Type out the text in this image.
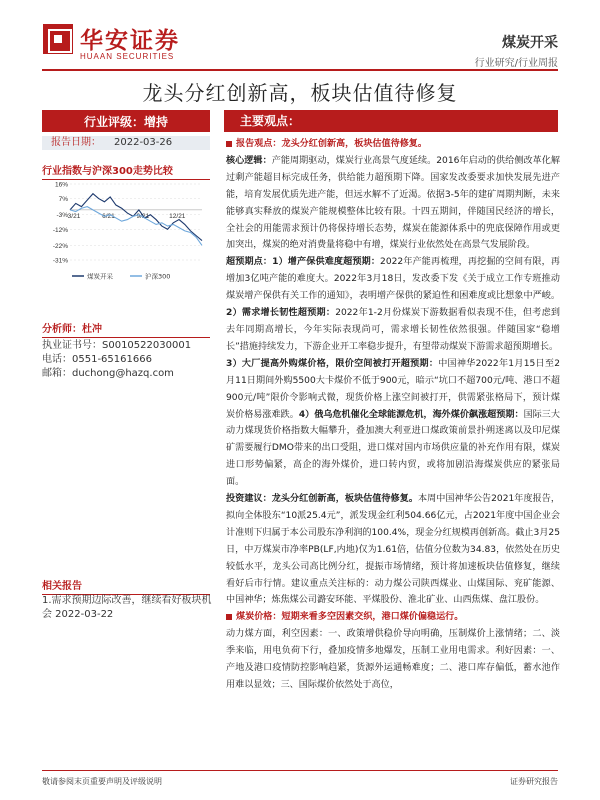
华安证券
HUAAN SECURITIES
煤炭开采
行业研究/行业周报
龙头分红创新高，板块估值待修复
行业评级：增持
报告日期：	2022-03-26
行业指数与沪深300走势比较
16%
7%
-3%
-12%
-22%
-31%
3/21	6/21	9/21	12/21
煤炭开采	沪深300
分析师：杜冲
执业证书号：S0010522030001
电话：0551-65161666
邮箱：duchong@hazq.com
相关报告
1.需求预期边际改善，继续看好板块机会 2022-03-22
主要观点：

报告观点：龙头分红创新高，板块估值待修复。

核心逻辑：产能周期驱动，煤炭行业高景气度延续。2016年启动的供给侧改革化解过剩产能超目标完成任务，供给能力超预期下降。国家发改委要求加快发展先进产能，培育发展优质先进产能，但远水解不了近渴。依据3-5年的建矿周期判断，未来能够真实释放的煤炭产能规模整体比较有限。十四五期间，伴随国民经济的增长，全社会的用能需求预计仍将保持增长态势，煤炭在能源体系中的兜底保障作用或更加突出，煤炭的绝对消费量将稳中有增，煤炭行业依然处在高景气发展阶段。

超预期点：1）增产保供难度超预期：2022年产能再梳理，再挖掘的空间有限，再增加3亿吨产能的难度大。2022年3月18日，发改委下发《关于成立工作专班推动煤炭增产保供有关工作的通知》，表明增产保供的紧迫性和困难度或比想象中严峻。2）需求增长韧性超预期：2022年1-2月份煤炭下游数据看似表现不佳，但考虑到去年同期高增长，今年实际表现尚可，需求增长韧性依然很强。伴随国家“稳增长”措施持续发力，下游企业开工率稳步提升，有望带动煤炭下游需求超预期增长。

3）大厂提高外购煤价格，限价空间被打开超预期：中国神华2022年1月15日至2月11日期间外购5500大卡煤价不低于900元，暗示“坑口不超700元/吨、港口不超900元/吨”限价令影响式微，现货价格上涨空间被打开，供需紧张格局下，预计煤炭价格易涨难跌。4）俄乌危机催化全球能源危机，海外煤价飙涨超预期：国际三大动力煤现货价格指数大幅攀升，叠加澳大利亚进口煤政策前景扑朔迷离以及印尼煤矿需要履行DMO带来的出口受阻，进口煤对国内市场供应量的补充作用有限，煤炭进口形势偏紧，高企的海外煤价，进口转内贸，或将加剧沿海煤炭供应的紧张局面。

投资建议：龙头分红创新高，板块估值待修复。本周中国神华公告2021年度报告，拟向全体股东“10派25.4元”，派发现金红利504.66亿元，占2021年度中国企业会计准则下归属于本公司股东净利润的100.4%，现金分红规模再创新高。截止3月25日，中万煤炭市净率PB(LF,内地)仅为1.61倍，估值分位数为34.83，依然处在历史较低水平，龙头公司高比例分红，提振市场情绪，预计将加速板块估值修复，继续看好后市行情。建议重点关注标的：动力煤公司陕西煤业、山煤国际、兖矿能源、中国神华；炼焦煤公司潞安环能、平煤股份、淮北矿业、山西焦煤、盘江股份。

煤炭价格：短期来看多空因素交织，港口煤价偏稳运行。

动力煤方面，利空因素：一、政策增供稳价导向明确，压制煤价上涨情绪；二、淡季来临，用电负荷下行，叠加疫情多地爆发，压制工业用电需求。利好因素：一、产地及港口疫情防控影响趋紧，货源外运通畅难度；二、港口库存偏低，蓄水池作用难以显效；三、国际煤价依然处于高位，

敬请参阅末页重要声明及评级说明	证券研究报告
